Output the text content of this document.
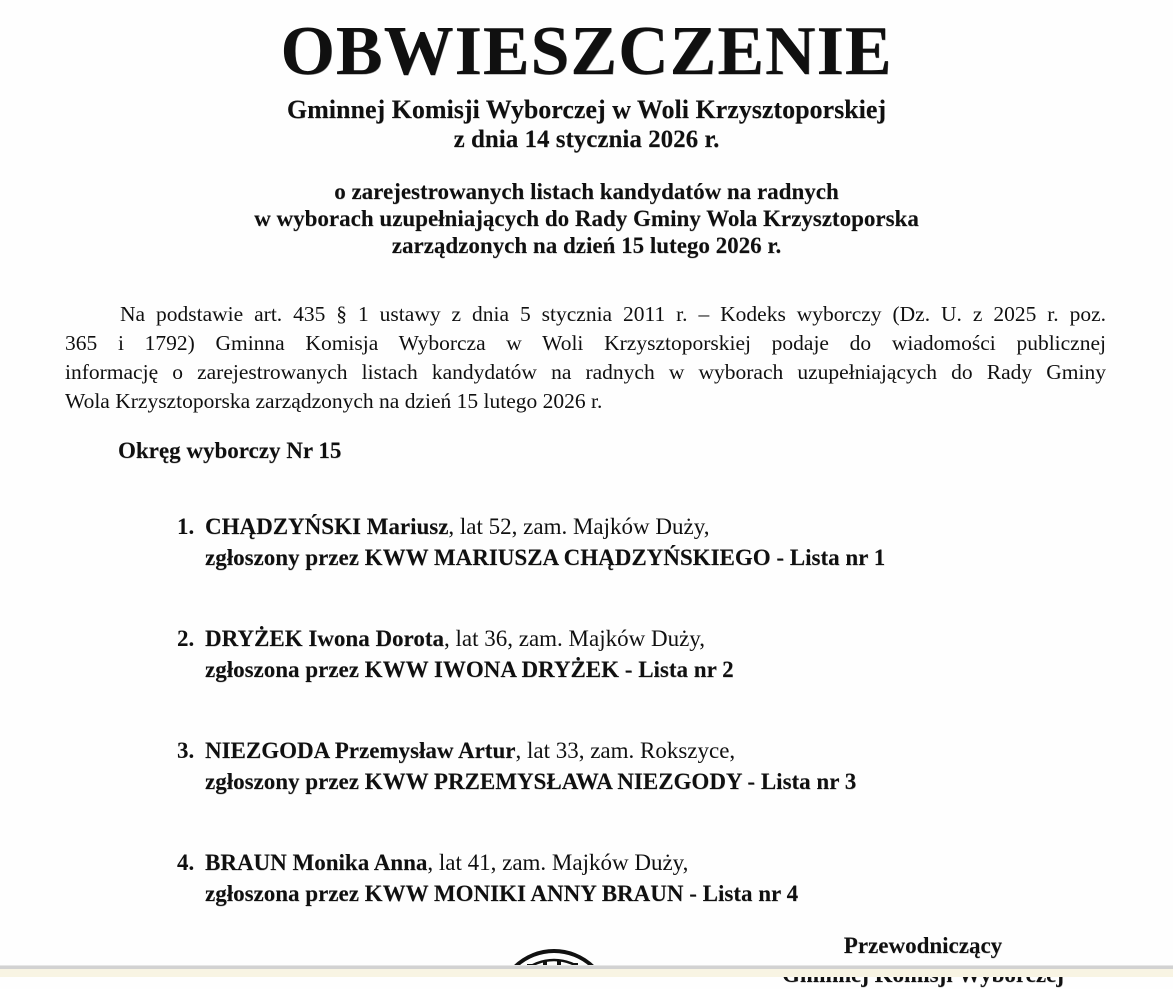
OBWIESZCZENIE
Gminnej Komisji Wyborczej w Woli Krzysztoporskiej
z dnia 14 stycznia 2026 r.
o zarejestrowanych listach kandydatów na radnych
w wyborach uzupełniających do Rady Gminy Wola Krzysztoporska
zarządzonych na dzień 15 lutego 2026 r.
Na podstawie art. 435 § 1 ustawy z dnia 5 stycznia 2011 r. – Kodeks wyborczy (Dz. U. z 2025 r. poz.
365 i 1792) Gminna Komisja Wyborcza w Woli Krzysztoporskiej podaje do wiadomości publicznej
informację o zarejestrowanych listach kandydatów na radnych w wyborach uzupełniających do Rady Gminy
Wola Krzysztoporska zarządzonych na dzień 15 lutego 2026 r.
Okręg wyborczy Nr 15
1. CHĄDZYŃSKI Mariusz, lat 52, zam. Majków Duży,
zgłoszony przez KWW MARIUSZA CHĄDZYŃSKIEGO - Lista nr 1
2. DRYŻEK Iwona Dorota, lat 36, zam. Majków Duży,
zgłoszona przez KWW IWONA DRYŻEK - Lista nr 2
3. NIEZGODA Przemysław Artur, lat 33, zam. Rokszyce,
zgłoszony przez KWW PRZEMYSŁAWA NIEZGODY - Lista nr 3
4. BRAUN Monika Anna, lat 41, zam. Majków Duży,
zgłoszona przez KWW MONIKI ANNY BRAUN - Lista nr 4
Przewodniczący
